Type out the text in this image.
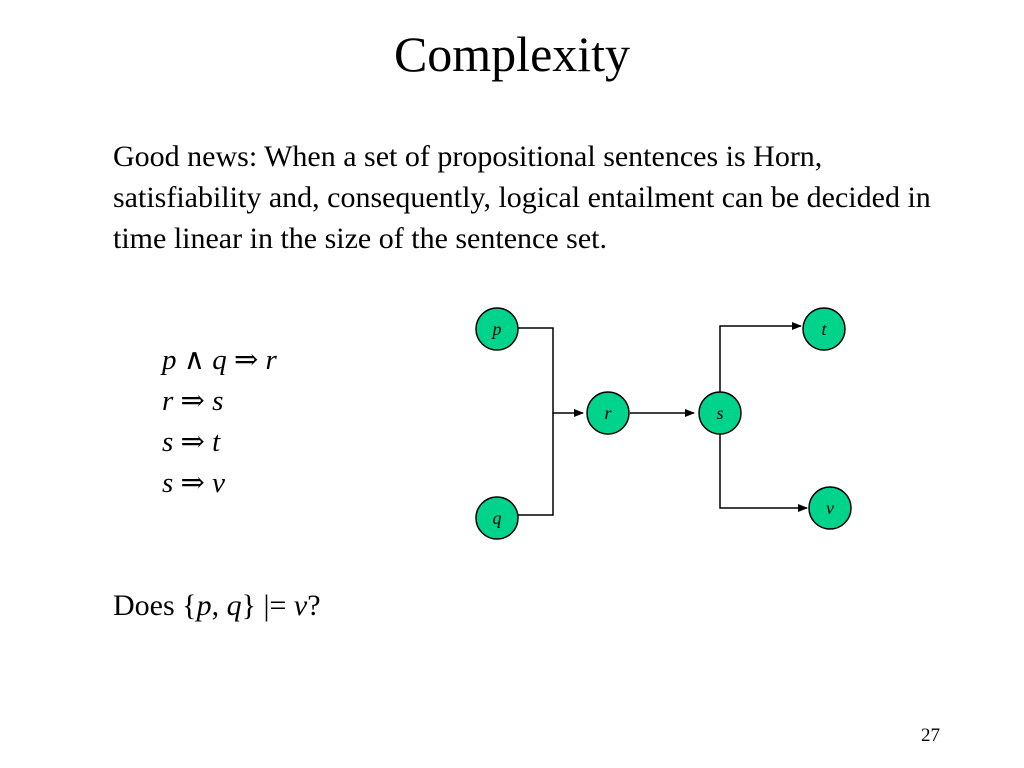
Complexity
Good news: When a set of propositional sentences is Horn, satisfiability and, consequently, logical entailment can be decided in time linear in the size of the sentence set.
p ∧ q ⇒ r
r ⇒ s
s ⇒ t
s ⇒ v
Does {p, q} |= v?
p
q
r	s
t
v
27
